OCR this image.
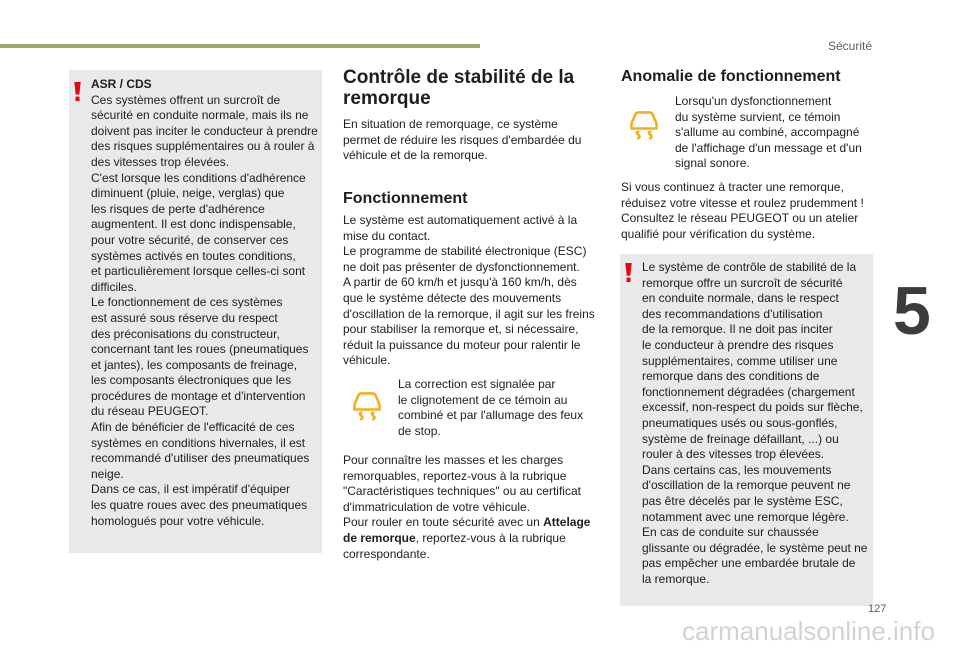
Sécurité
5
ASR / CDS
Ces systèmes offrent un surcroît de
sécurité en conduite normale, mais ils ne
doivent pas inciter le conducteur à prendre
des risques supplémentaires ou à rouler à
des vitesses trop élevées.
C'est lorsque les conditions d'adhérence
diminuent (pluie, neige, verglas) que
les risques de perte d'adhérence
augmentent. Il est donc indispensable,
pour votre sécurité, de conserver ces
systèmes activés en toutes conditions,
et particulièrement lorsque celles-ci sont
difficiles.
Le fonctionnement de ces systèmes
est assuré sous réserve du respect
des préconisations du constructeur,
concernant tant les roues (pneumatiques
et jantes), les composants de freinage,
les composants électroniques que les
procédures de montage et d'intervention
du réseau PEUGEOT.
Afin de bénéficier de l'efficacité de ces
systèmes en conditions hivernales, il est
recommandé d'utiliser des pneumatiques
neige.
Dans ce cas, il est impératif d'équiper
les quatre roues avec des pneumatiques
homologués pour votre véhicule.
Contrôle de stabilité de la
remorque
En situation de remorquage, ce système
permet de réduire les risques d'embardée du
véhicule et de la remorque.
Fonctionnement
Le système est automatiquement activé à la
mise du contact.
Le programme de stabilité électronique (ESC)
ne doit pas présenter de dysfonctionnement.
A partir de 60 km/h et jusqu'à 160 km/h, dès
que le système détecte des mouvements
d'oscillation de la remorque, il agit sur les freins
pour stabiliser la remorque et, si nécessaire,
réduit la puissance du moteur pour ralentir le
véhicule.
La correction est signalée par
le clignotement de ce témoin au
combiné et par l'allumage des feux
de stop.
Pour connaître les masses et les charges
remorquables, reportez-vous à la rubrique
"Caractéristiques techniques" ou au certificat
d'immatriculation de votre véhicule.
Pour rouler en toute sécurité avec un Attelage
de remorque, reportez-vous à la rubrique
correspondante.
Anomalie de fonctionnement
Lorsqu'un dysfonctionnement
du système survient, ce témoin
s'allume au combiné, accompagné
de l'affichage d'un message et d'un
signal sonore.
Si vous continuez à tracter une remorque,
réduisez votre vitesse et roulez prudemment !
Consultez le réseau PEUGEOT ou un atelier
qualifié pour vérification du système.
Le système de contrôle de stabilité de la
remorque offre un surcroît de sécurité
en conduite normale, dans le respect
des recommandations d'utilisation
de la remorque. Il ne doit pas inciter
le conducteur à prendre des risques
supplémentaires, comme utiliser une
remorque dans des conditions de
fonctionnement dégradées (chargement
excessif, non-respect du poids sur flèche,
pneumatiques usés ou sous-gonflés,
système de freinage défaillant, ...) ou
rouler à des vitesses trop élevées.
Dans certains cas, les mouvements
d'oscillation de la remorque peuvent ne
pas être décelés par le système ESC,
notamment avec une remorque légère.
En cas de conduite sur chaussée
glissante ou dégradée, le système peut ne
pas empêcher une embardée brutale de
la remorque.
127
carmanualsonline.info
